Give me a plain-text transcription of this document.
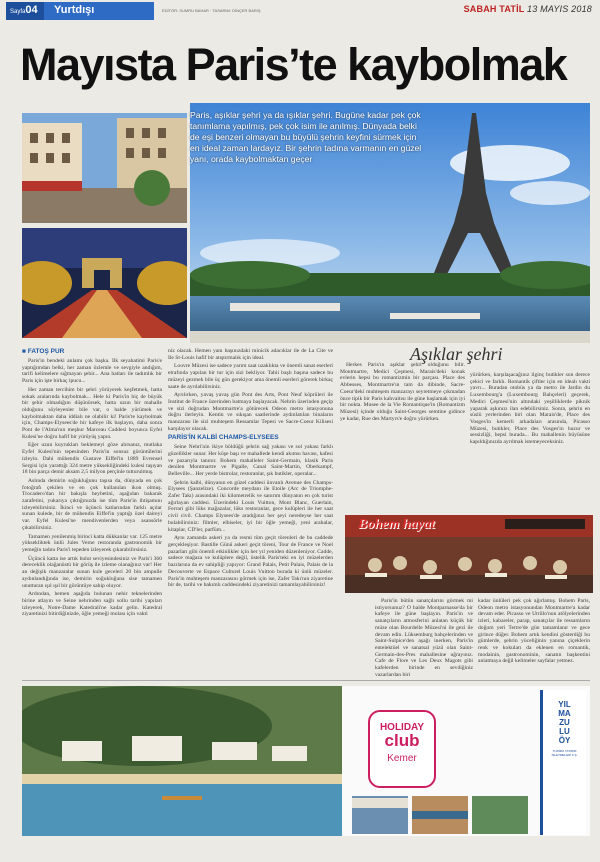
Sayfa04	Yurtdışı	EDİTÖR: SUMRU BAHAR · TASARIM: DİNÇER BARIŞ	SABAH TATİL 13 MAYIS 2018
Mayısta Paris’te kaybolmak
Paris, aşıklar şehri ya da ışıklar şehri. Bugüne kadar pek çok tanımlama yapılmış, pek çok isim ile anılmış. Dünyada belki de eşi benzeri olmayan bu büyülü şehrin keyfini sürmek için en ideal zaman lardayız. Bir şehrin tadına varmanın en güzel yanı, orada kaybolmaktan geçer
■ FATOŞ PUR

Paris'in bendeki anlamı çok başka. İlk seyahatimi Paris'e yaptığımdan belki, her zaman özlemle ve sevgiyle andığım, tarifi kelimelere sığmayan şehir... Ana hatları ile tadımlık bir Paris için işte birkaç ipucu...

Her zaman tercihim bir şehri yürüyerek keşfetmek, hatta sokak aralarında kaybolmak... Hele ki Paris'in hiç de büyük bir şehir olmadığını düşünürsek, hatta uzun bir mahalle olduğunu söyleyenler bile var, o halde yürümek ve kaybolmaktan daha iddialı ne olabilir ki! Paris'te kaybolmak için, Champs-Elysees'de bir kafeye ilk başlayın, daha sonra Pont de l'Alma'nın meşhur Marceau Caddesi boyunca Eyfel Kulesi'ne doğru hafif bir yürüyüş yapın.

Eğer uzun kuyrukları beklemeyi göze alırsanız, mutlaka Eyfel Kulesi'nin tepesinden Paris'in sonsuz görüntülerini izleyin. Dahi mühendis Gustave Eiffel'in 1889 Evrensel Sergisi için yarattığı 324 metre yüksekliğindeki kulesi taşıyan 18 bin parça demir aksam 2,5 milyon perçinle tutturulmuş.

Aslında demirin soğukluğunu taşısa da, dünyada en çok fotoğrafı çekilen ve en çok kullanılan ikon olmuş. Trocadero'dan bir bakışla heybetini, aşağıdan bakarak zarafetini, yukarıya çıktığınızda ise tüm Paris'in ihtişamını izleyebilirsiniz. İkinci ve üçüncü katlarından farklı açılar sunan kulede, bir de mühendis Eiffel'in yaptığı özel daireyi var. Eyfel Kulesi'ne mendivenlerden veya asansörle çıkabilirsiniz.

Tamamen yenilenmiş birinci katta dükkanlar var. 125 metre yüksekliktek ünlü Jules Verne restoranda gastronomik bir yemeğin tadını Paris'i tepeden izleyerek çıkarabilirsiniz.

Üçüncü katta ise artık bulut seviyesindesiniz ve Paris'i 360 dereceklik olağanüstü bir görüş ile izleme olanağınız var! Her an değişik manzaralar sunan kule geceleri 20 bin ampulle aydınlandığında ise, demirin soğukluğuna sise tamamen unutturan ışıl ışıl bir görüntüye sahip oluyor.

Ardından, hemen aşağıda bulunan nehir teknelerinden birine atlayın ve Seine nehrinden sağlı sollu tarihi yapıları izleyerek, Notre-Dame Katedrali'ne kadar gelin. Katedral ziyaretinizi bitirdiğinizde, öğle yemeği molası için vakti

niz olacak. Hemen yanı başınızdaki minicik adacıklar ile de La Cite ve Ile St-Louis hafif bir atıştırmalık için ideal.

Louvre Müzesi ise sadece yarım saat uzaklıkta ve önemli sanat eserleri etrafında yapılan bir tur için sizi bekliyor. Tabii başlı başına sadece bu müzeyi gezmek bile üç gün gerekiyor ama önemli eserleri görerek birkaç saate de ayrılabilirsiniz.

Ayrılırken, yavaş yavaş gün Pont des Arts, Pont Neuf köprüleri ile Institut de France üzerinden batmaya başlayacak. Nehrin üzerinden geçip ve sizi doğrudan Montmartre'a götürecek Odeon metro istasyonuna doğru ilerleyin. Kentin ve sıkışan saatlerinde aydınlatılan binaların manzarası ile sizi muhteşem Ressamlar Tepesi ve Sacre-Coeur Kilisesi karşılayor olacak.

PARİS'İN KALBİ CHAMPS-ELYSEES

Seine Nehri'nin ikiye böldüğü şehrin sağ yakası ve sol yakası farklı güzellikler sunar. Her köşe başı ve mahallede kendi akımsı havası, kafesi ve pazarıyla tanınır. Bohem mahalleler Saint-Germain, klasik Paris denilen Montmartre ve Pigalle, Canal Saint-Martin, Oberkampf, Belleville... Her yerde bistrolar, restoranlar, şık butikler, operalar...

Şehrin kalbi, dünyanın en güzel caddesi ünvanlı Avenue des Champs-Elysees (Şanzelize). Concorde meydanı ile Etoile (Arc de Triomphe-Zafer Takı) arasındaki iki kilometrelik ve sanırım dünyanın en çok turist ağırlayan caddesi. Üzerindeki Louis Vuitton, Mont Blanc, Guerlain, Ferrari gibi lüks mağazalar, lüks restoranlar, gece kulüpleri ile her saat civil civil. Champs Elysees'de aradığınız her şeyi neredeyse her saat bulabilirsiniz: filmler, elbiseler, iyi bir öğle yemeği, yeni arabalar, kitaplar, CD'ler, parfüm...

Aynı zamanda askeri ya da resmi tüm geçit törenleri de bu caddede gerçekleşiyor. Bastille Günü askeri geçit töreni, Tour de France ve Noel pazarları gibi önemli etkinlikler için her yıl yeniden düzenleniyor. Cadde, sadece mağaza ve kulüplere değil, üstelik Paris'teki en iyi müzelerden bazılarına da ev sahipliği yapıyor: Grand Palais, Petit Palais, Palais de la Decouverte ve Espace Culturel Louis Vuitton burada ki ünlü müzeler. Paris'in muhteşem manzarasını görmek için ise, Zafer Takı'nın ziyaretine bir de, tarihi ve bakımlı caddesindeki ziyaretinizi tamamlayabilirsiniz!

Aşıklar şehri

Herkes Paris'ın aşıklar şehri olduğunu bilir. Montmartre, Medici Çeşmesi, Marais'deki konak evlerin hepsi bu romantizmin bir parçası. Place des Abbesses, Montmartre'ın tam da dibinde, Sacre-Coeur'deki muhteşem manzarayı seyretmeye çıkmadan önce tipik bir Paris kahvaltısı ile güne başlamak için iyi bir nokta. Musee de la Vie Romantique'in (Romantizm Müzesi) içinde olduğu Saint-Georges semtine gidince ye kadar, Rue des Martyrs'e doğru yürürken.

yürürken, karşılaşacağınız ilginç butikler son derece çekici ve farklı. Romantik çiftler için en idealı vakti yavrı... Buradan otobüs ya da metro ile Jardin du Luxembourg'a (Luxembourg Bahçeleri) geçerek, Medici Çeşmesi'nin altındaki yeşilliklerde piknik yaparak aşkınızı ilan edebilirsiniz. Sonra, şehrin en süslü yerlerinden biri olan Marais'de, Place des Vosges'in kemerli arkadaları arasında, Picasso Müzesi, butikler, Place des Vosges'in huzur ve sessizliği, hepsi burada... Bu mahallenin büyüsüne kapıldığınızda ayrılmak istemeyeceksiniz.

Bohem hayat

Paris'in bütün sanatçılarını görmek mi istiyorsunuz? O halde Montparnasse'da bir kafeye ile güne başlayın. Paris'in ve sanatçıların atmosferini anlatan küçük bir müze olan Bourdelle Müzesi'ni ile gezi ile devam edin. Lüksemburg bahçelerinden ve Saint-Sulpice'den aşağı inerken, Paris'in entelektüel ve sanatsal yüzü olan Saint-Germain-des-Pres mahallesine uğrayınız. Cafe de Flore ve Les Deux Magots gibi kafelerden birinde en sevdiğiniz yazarlardan biri

kadar ünlüleri pek çok ağırlamış. Bohem Paris, Odeon metro istasyonundan Montmartre'a kadar devam eder. Picasso ve Utrillo'nun atölyelerinden izleri, kabareler, parap, sanatçılar ile ressamların doğum yeri Tertre'de gün tamamlanır ve gece girince düğer. Bohem artık kendini gösterdiği bu gümlerde, şehrin yüceliğinin yanına çiçeklerin renk ve kokuları da eklenen en romantik, modainin, gastronominin, sanatın başkentini anlatmaya değil kelimeler sayfalar yetmez.

HOLIDAY
club
Kemer
YIL
MA
ZU
LU
ÖY
TURİZM YATIRIM İŞLETMELERİ A.Ş.
